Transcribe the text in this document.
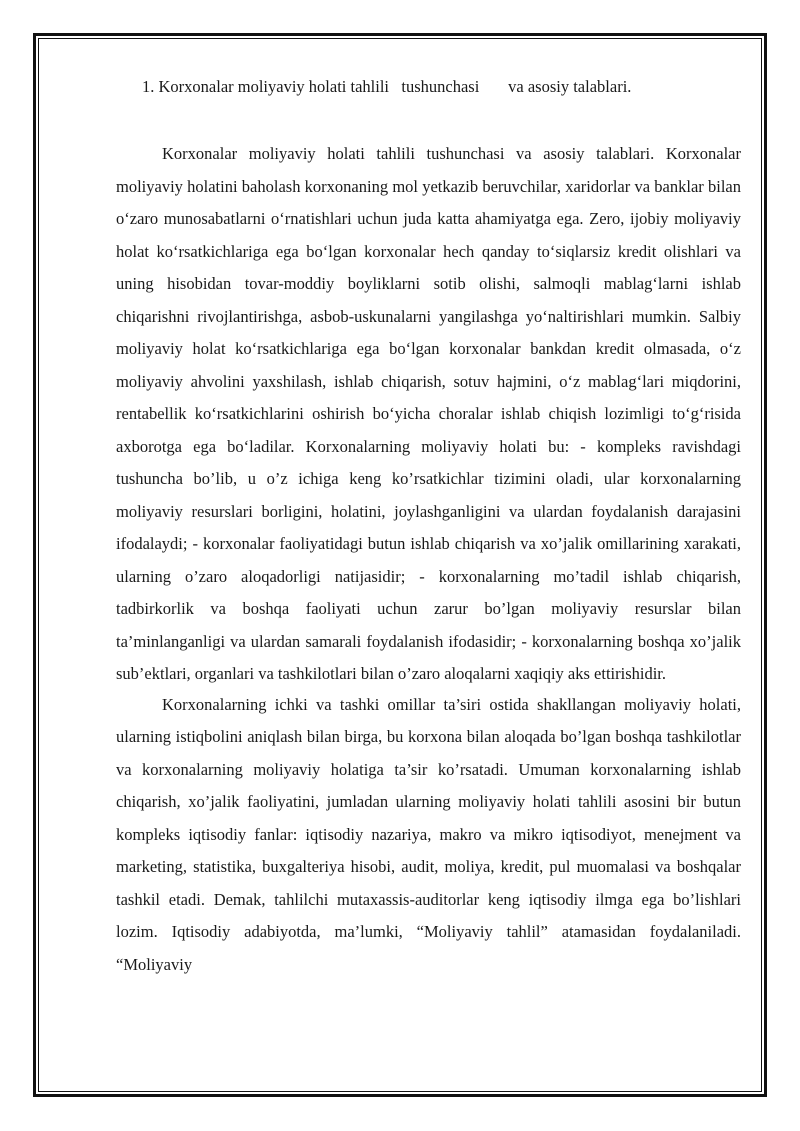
1. Korxonalar moliyaviy holati tahlili   tushunchasi       va asosiy talablari.

Korxonalar moliyaviy holati tahlili tushunchasi va asosiy talablari. Korxonalar moliyaviy holatini baholash korxonaning mol yetkazib beruvchilar, xaridorlar va banklar bilan o‘zaro munosabatlarni o‘rnatishlari uchun juda katta ahamiyatga ega. Zero, ijobiy moliyaviy holat ko‘rsatkichlariga ega bo‘lgan korxonalar hech qanday to‘siqlarsiz kredit olishlari va uning hisobidan tovar-moddiy boyliklarni sotib olishi, salmoqli mablag‘larni ishlab chiqarishni rivojlantirishga, asbob-uskunalarni yangilashga yo‘naltirishlari mumkin. Salbiy moliyaviy holat ko‘rsatkichlariga ega bo‘lgan korxonalar bankdan kredit olmasada, o‘z moliyaviy ahvolini yaxshilash, ishlab chiqarish, sotuv hajmini, o‘z mablag‘lari miqdorini, rentabellik ko‘rsatkichlarini oshirish bo‘yicha choralar ishlab chiqish lozimligi to‘g‘risida axborotga ega bo‘ladilar. Korxonalarning moliyaviy holati bu: - kompleks ravishdagi tushuncha bo’lib, u o’z ichiga keng ko’rsatkichlar tizimini oladi, ular korxonalarning moliyaviy resurslari borligini, holatini, joylashganligini va ulardan foydalanish darajasini ifodalaydi; - korxonalar faoliyatidagi butun ishlab chiqarish va xo’jalik omillarining xarakati, ularning o’zaro aloqadorligi natijasidir; - korxonalarning mo’tadil ishlab chiqarish, tadbirkorlik va boshqa faoliyati uchun zarur bo’lgan moliyaviy resurslar bilan ta’minlanganligi va ulardan samarali foydalanish ifodasidir; - korxonalarning boshqa xo’jalik sub’ektlari, organlari va tashkilotlari bilan o’zaro aloqalarni xaqiqiy aks ettirishidir.

Korxonalarning ichki va tashki omillar ta’siri ostida shakllangan moliyaviy holati, ularning istiqbolini aniqlash bilan birga, bu korxona bilan aloqada bo’lgan boshqa tashkilotlar va korxonalarning moliyaviy holatiga ta’sir ko’rsatadi. Umuman korxonalarning ishlab chiqarish, xo’jalik faoliyatini, jumladan ularning moliyaviy holati tahlili asosini bir butun kompleks iqtisodiy fanlar: iqtisodiy nazariya, makro va mikro iqtisodiyot, menejment va marketing, statistika, buxgalteriya hisobi, audit, moliya, kredit, pul muomalasi va boshqalar tashkil etadi. Demak, tahlilchi mutaxassis-auditorlar keng iqtisodiy ilmga ega bo’lishlari lozim. Iqtisodiy adabiyotda, ma’lumki, “Moliyaviy tahlil” atamasidan foydalaniladi. “Moliyaviy
